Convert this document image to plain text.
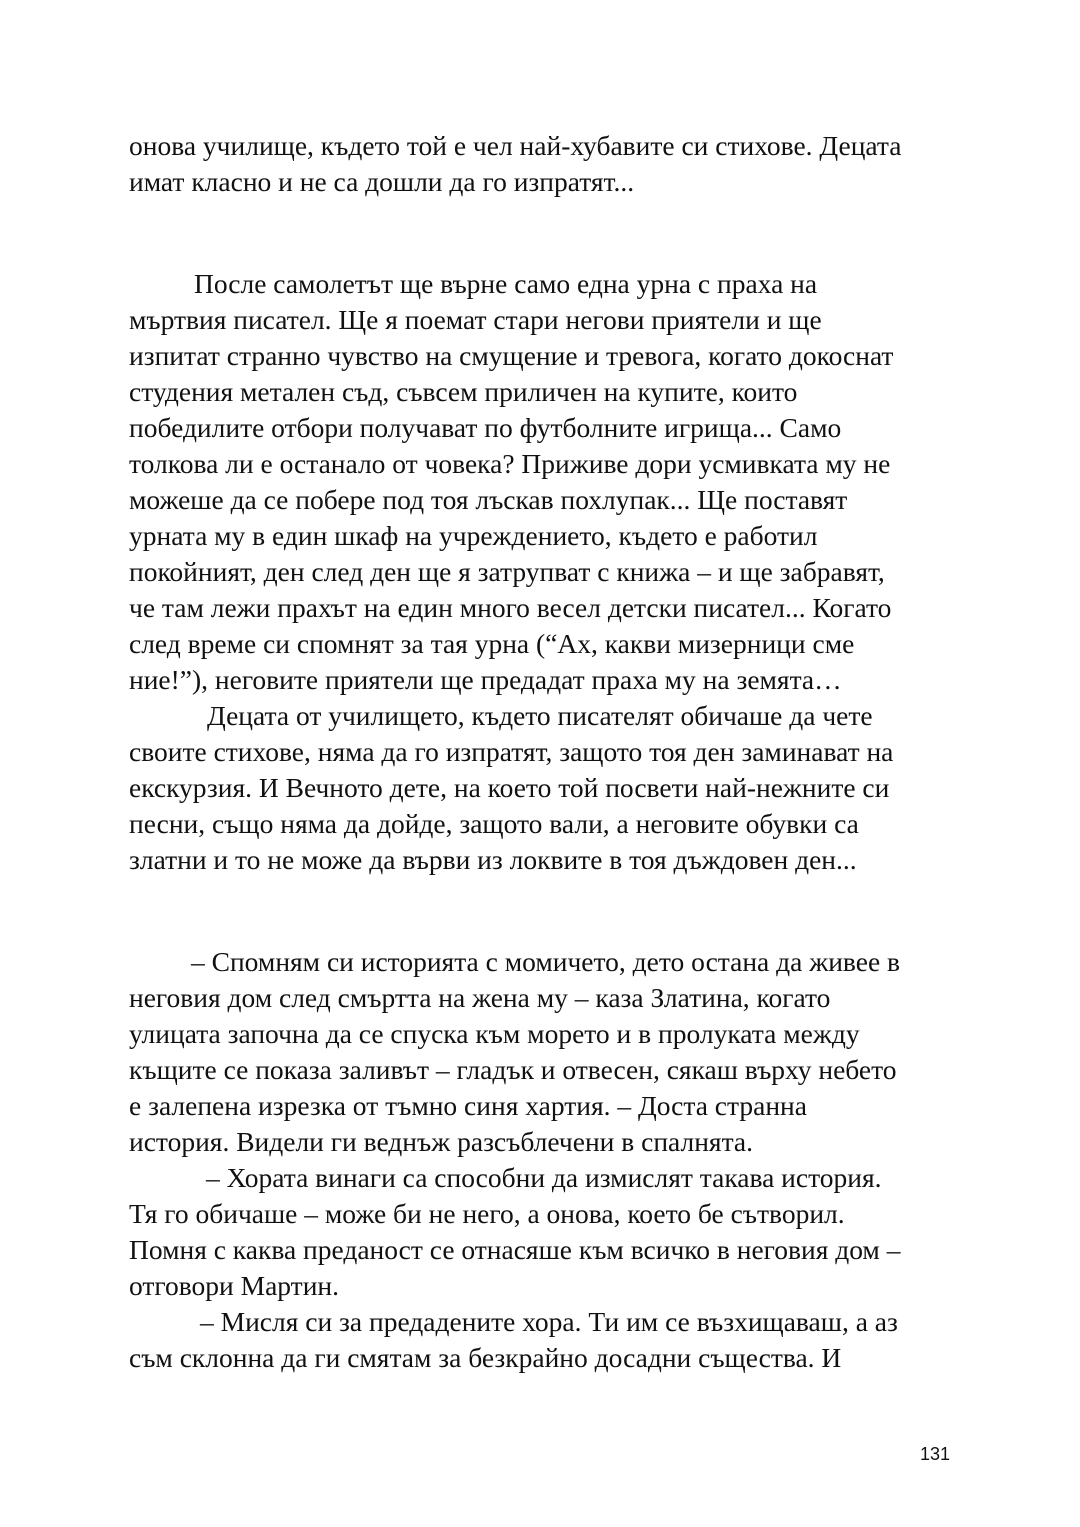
онова училище, където той е чел най-хубавите си стихове. Децата
имат класно и не са дошли да го изпратят...
После самолетът ще върне само една урна с праха на
мъртвия писател. Ще я поемат стари негови приятели и ще
изпитат странно чувство на смущение и тревога, когато докоснат
студения метален съд, съвсем приличен на купите, които
победилите отбори получават по футболните игрища... Само
толкова ли е останало от човека? Приживе дори усмивката му не
можеше да се побере под тоя лъскав похлупак... Ще поставят
урната му в един шкаф на учреждението, където е работил
покойният, ден след ден ще я затрупват с книжа – и ще забравят,
че там лежи прахът на един много весел детски писател... Когато
след време си спомнят за тая урна (“Ах, какви мизерници сме
ние!”), неговите приятели ще предадат праха му на земята…
Децата от училището, където писателят обичаше да чете
своите стихове, няма да го изпратят, защото тоя ден заминават на
екскурзия. И Вечното дете, на което той посвети най-нежните си
песни, също няма да дойде, защото вали, а неговите обувки са
златни и то не може да върви из локвите в тоя дъждовен ден...
– Спомням си историята с момичето, дето остана да живее в
неговия дом след смъртта на жена му – каза Златина, когато
улицата започна да се спуска към морето и в пролуката между
къщите се показа заливът – гладък и отвесен, сякаш върху небето
е залепена изрезка от тъмно синя хартия. – Доста странна
история. Видели ги веднъж разсъблечени в спалнята.
– Хората винаги са способни да измислят такава история.
Тя го обичаше – може би не него, а онова, което бе сътворил.
Помня с каква преданост се отнасяше към всичко в неговия дом –
отговори Мартин.
– Мисля си за предадените хора. Ти им се възхищаваш, а аз
съм склонна да ги смятам за безкрайно досадни същества. И
131
